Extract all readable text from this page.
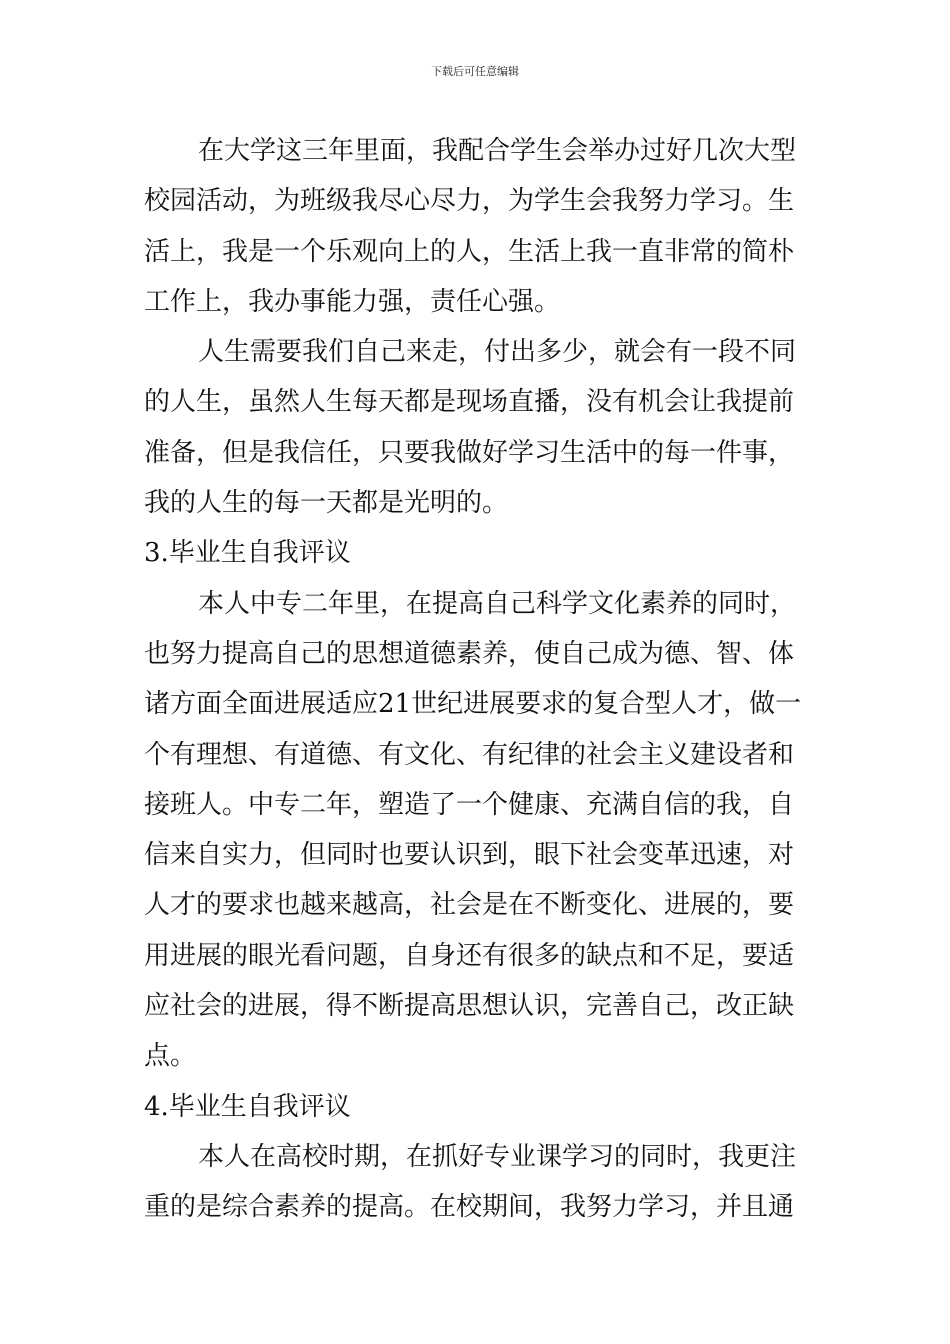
下载后可任意编辑
在大学这三年里面，我配合学生会举办过好几次大型
校园活动，为班级我尽心尽力，为学生会我努力学习。生
活上，我是一个乐观向上的人，生活上我一直非常的简朴
工作上，我办事能力强，责任心强。
人生需要我们自己来走，付出多少，就会有一段不同
的人生，虽然人生每天都是现场直播，没有机会让我提前
准备，但是我信任，只要我做好学习生活中的每一件事，
我的人生的每一天都是光明的。
3.毕业生自我评议
本人中专二年里，在提高自己科学文化素养的同时，
也努力提高自己的思想道德素养，使自己成为德、智、体
诸方面全面进展适应21世纪进展要求的复合型人才，做一
个有理想、有道德、有文化、有纪律的社会主义建设者和
接班人。中专二年，塑造了一个健康、充满自信的我，自
信来自实力，但同时也要认识到，眼下社会变革迅速，对
人才的要求也越来越高，社会是在不断变化、进展的，要
用进展的眼光看问题，自身还有很多的缺点和不足，要适
应社会的进展，得不断提高思想认识，完善自己，改正缺
点。
4.毕业生自我评议
本人在高校时期，在抓好专业课学习的同时，我更注
重的是综合素养的提高。在校期间，我努力学习，并且通
